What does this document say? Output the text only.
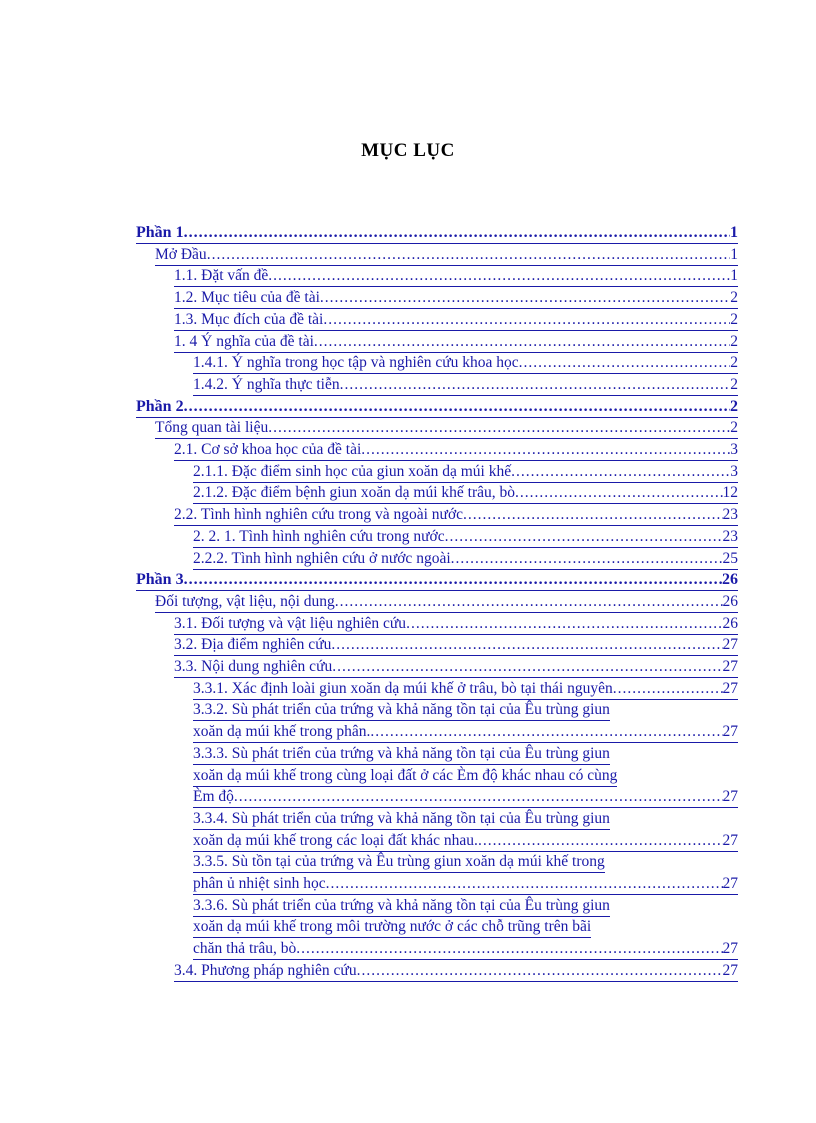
MỤC LỤC
Phần 1 .....	1
Mở Đầu .....	1
1.1. Đặt vấn đề .....	1
1.2. Mục tiêu của đề tài .....	2
1.3. Mục đích của đề tài .....	2
1. 4 Ý nghĩa của đề tài .....	2
1.4.1. Ý nghĩa trong học tập và nghiên cứu khoa học .....	2
1.4.2. Ý nghĩa thực tiễn .....	2
Phần 2 .....	2
Tổng quan tài liệu .....	2
2.1. Cơ sở khoa học của đề tài .....	3
2.1.1. Đặc điểm sinh học của giun xoăn dạ múi khế .....	3
2.1.2. Đặc điểm bệnh giun xoăn dạ múi khế trâu, bò .....	12
2.2. Tình hình nghiên cứu trong và ngoài nước .....	23
2. 2. 1. Tình hình nghiên cứu trong nước .....	23
2.2.2. Tình hình nghiên cứu ở nước ngoài .....	25
Phần 3 .....	26
Đối tượng, vật liệu, nội dung .....	26
3.1. Đối tượng và vật liệu nghiên cứu .....	26
3.2. Địa điểm nghiên cứu .....	27
3.3. Nội dung nghiên cứu .....	27
3.3.1. Xác định loài giun xoăn dạ múi khế ở trâu, bò tại thái nguyên .....	27
3.3.2. Sù phát triển của trứng và khả năng tồn tại của Êu trùng giun
xoăn dạ múi khế trong phân. .....	27
3.3.3. Sù phát triển của trứng và khả năng tồn tại của Êu trùng giun
xoăn dạ múi khế trong cùng loại đất ở các Èm độ khác nhau có cùng
Èm độ .....	27
3.3.4. Sù phát triển của trứng và khả năng tồn tại của Êu trùng giun
xoăn dạ múi khế trong các loại đất khác nhau. .....	27
3.3.5. Sù tồn tại của trứng và Êu trùng giun xoăn dạ múi khế trong
phân ủ nhiệt sinh học .....	27
3.3.6. Sù phát triển của trứng và khả năng tồn tại của Êu trùng giun
xoăn dạ múi khế trong môi trường nước ở các chỗ trũng trên bãi
chăn thả trâu, bò .....	27
3.4. Phương pháp nghiên cứu .....	27
